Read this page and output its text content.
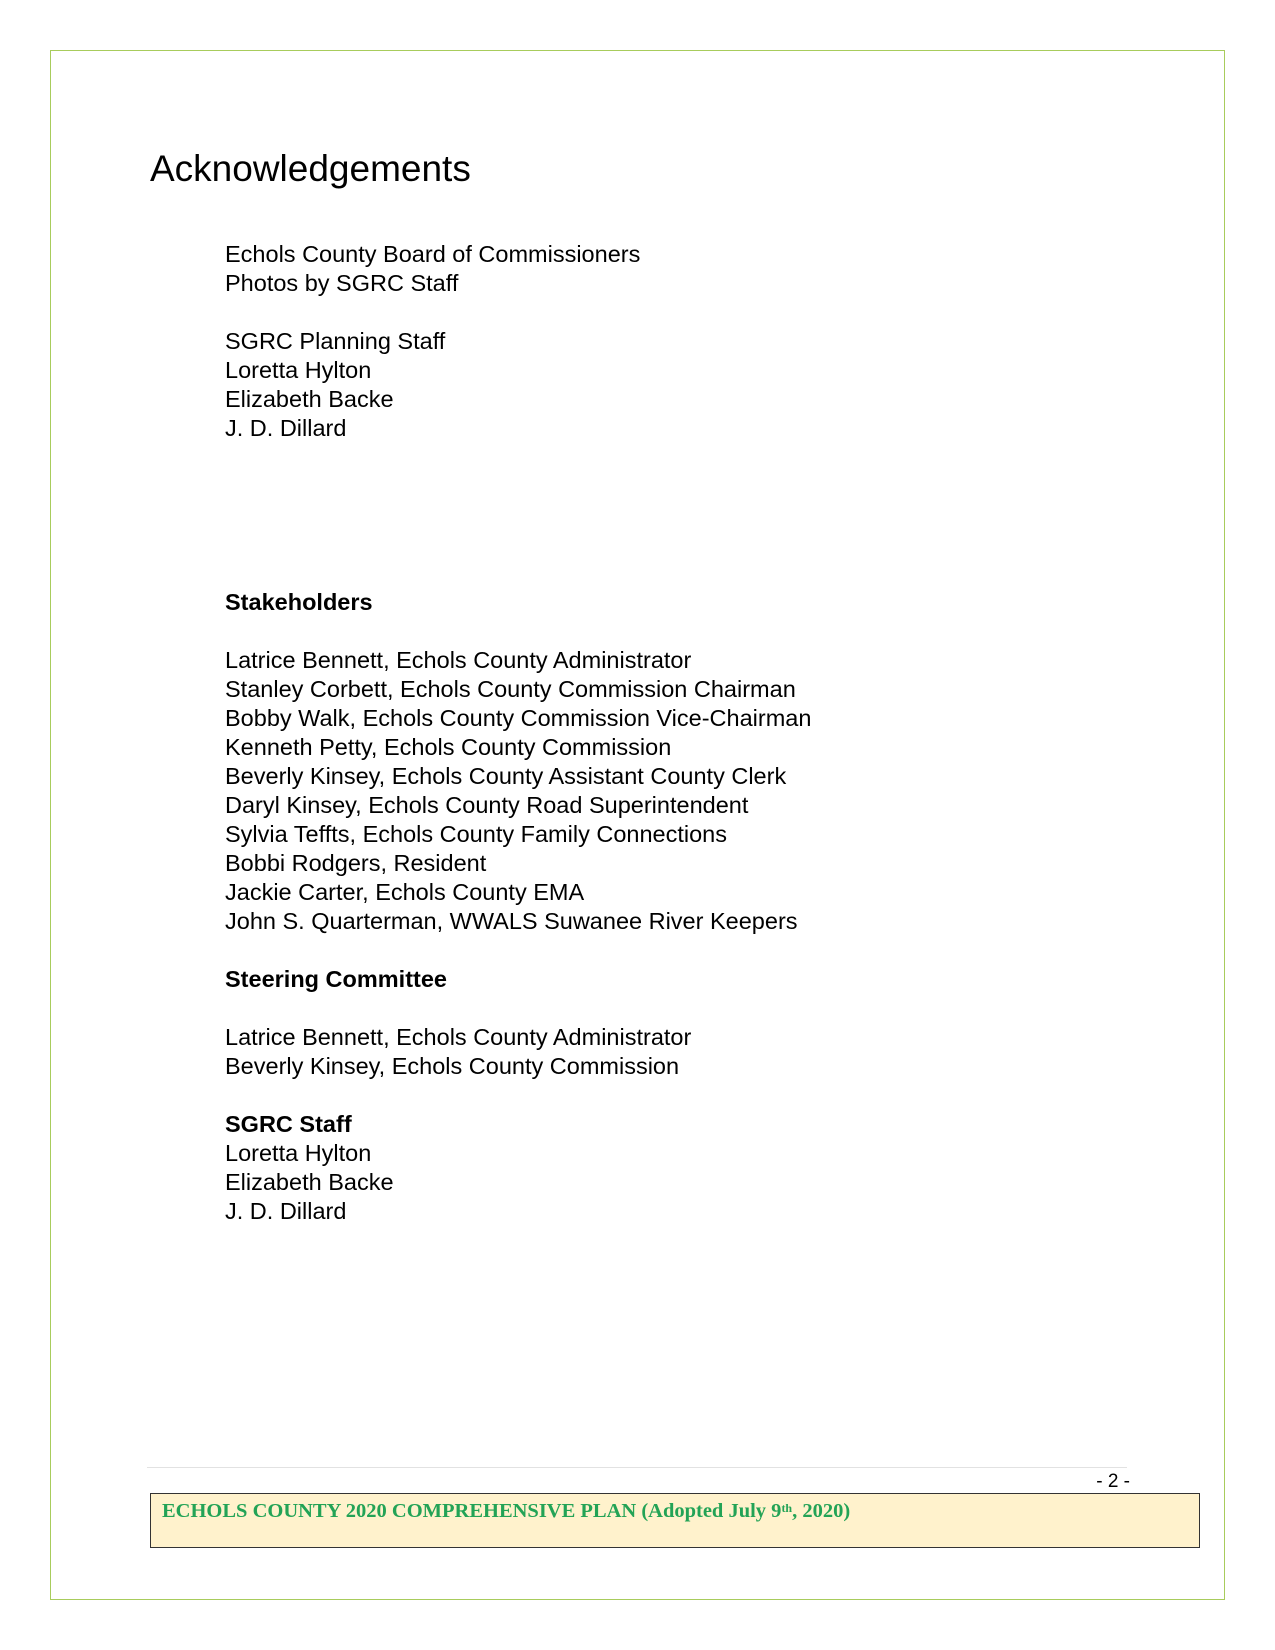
Acknowledgements
Echols County Board of Commissioners
Photos by SGRC Staff
SGRC Planning Staff
Loretta Hylton
Elizabeth Backe
J. D. Dillard
Stakeholders
Latrice Bennett, Echols County Administrator
Stanley Corbett, Echols County Commission Chairman
Bobby Walk, Echols County Commission Vice-Chairman
Kenneth Petty, Echols County Commission
Beverly Kinsey, Echols County Assistant County Clerk
Daryl Kinsey, Echols County Road Superintendent
Sylvia Teffts, Echols County Family Connections
Bobbi Rodgers, Resident
Jackie Carter, Echols County EMA
John S. Quarterman, WWALS Suwanee River Keepers
Steering Committee
Latrice Bennett, Echols County Administrator
Beverly Kinsey, Echols County Commission
SGRC Staff
Loretta Hylton
Elizabeth Backe
J. D. Dillard
- 2 -
ECHOLS COUNTY 2020 COMPREHENSIVE PLAN (Adopted July 9th, 2020)
